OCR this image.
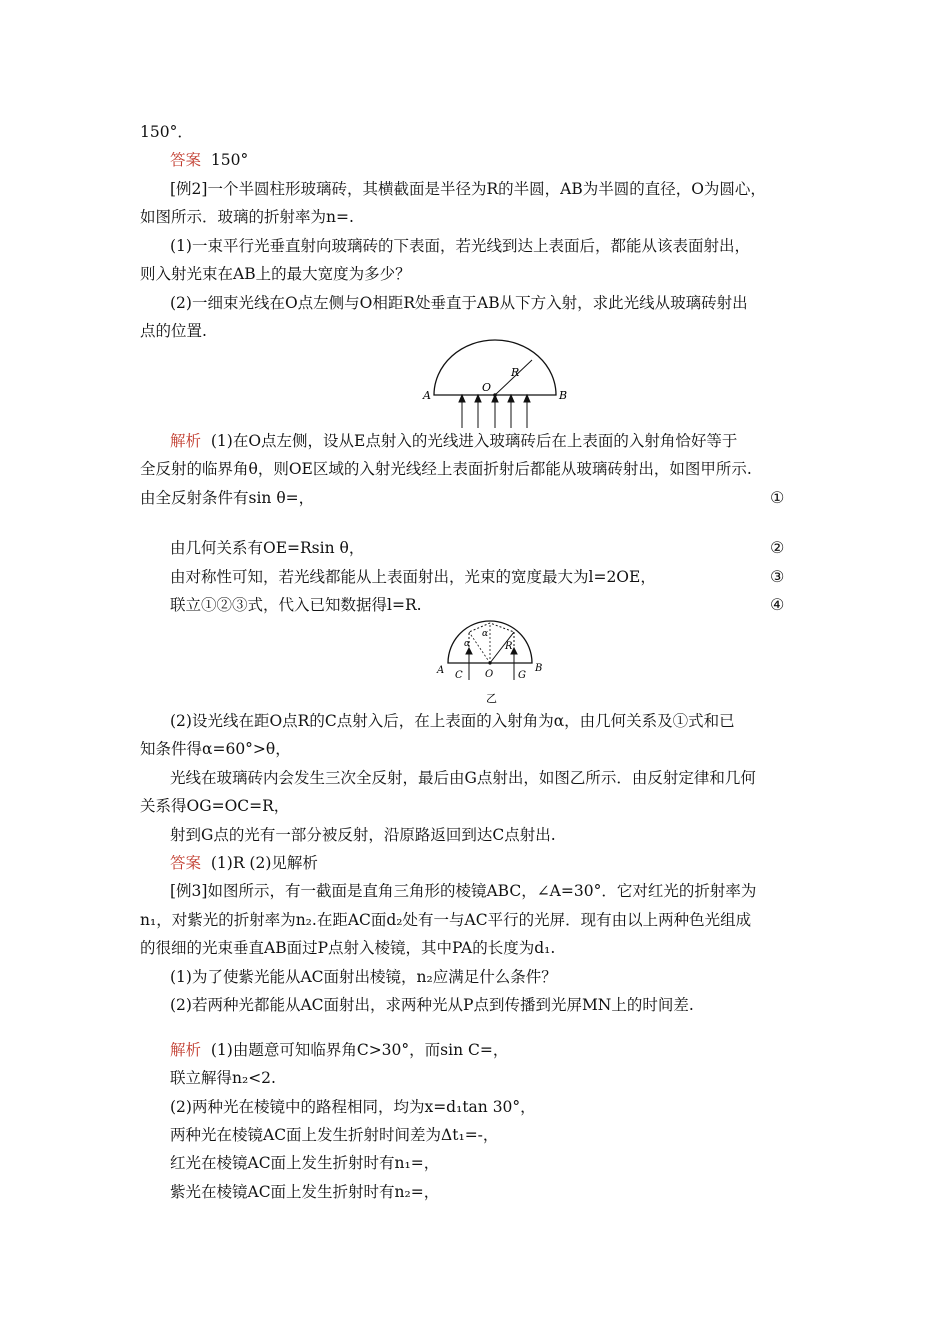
150°．
答案 150°
[例2]一个半圆柱形玻璃砖，其横截面是半径为R的半圆，AB为半圆的直径，O为圆心，
如图所示．玻璃的折射率为n=.
(1)一束平行光垂直射向玻璃砖的下表面，若光线到达上表面后，都能从该表面射出，
则入射光束在AB上的最大宽度为多少？
(2)一细束光线在O点左侧与O相距R处垂直于AB从下方入射，求此光线从玻璃砖射出
点的位置.
A	B
O
R
解析 (1)在O点左侧，设从E点射入的光线进入玻璃砖后在上表面的入射角恰好等于
全反射的临界角θ，则OE区域的入射光线经上表面折射后都能从玻璃砖射出，如图甲所示.
由全反射条件有sin θ=，	①
由几何关系有OE=Rsin θ，	②
由对称性可知，若光线都能从上表面射出，光束的宽度最大为l=2OE，	③
联立①②③式，代入已知数据得l=R.	④
A	B
C O G
R
α
α
乙
(2)设光线在距O点R的C点射入后，在上表面的入射角为α，由几何关系及①式和已
知条件得α=60°>θ，
光线在玻璃砖内会发生三次全反射，最后由G点射出，如图乙所示．由反射定律和几何
关系得OG=OC=R，
射到G点的光有一部分被反射，沿原路返回到达C点射出.
答案 (1)R (2)见解析
[例3]如图所示，有一截面是直角三角形的棱镜ABC，∠A=30°．它对红光的折射率为
n₁，对紫光的折射率为n₂.在距AC面d₂处有一与AC平行的光屏．现有由以上两种色光组成
的很细的光束垂直AB面过P点射入棱镜，其中PA的长度为d₁.
(1)为了使紫光能从AC面射出棱镜，n₂应满足什么条件？
(2)若两种光都能从AC面射出，求两种光从P点到传播到光屏MN上的时间差.
解析 (1)由题意可知临界角C>30°，而sin C=，
联立解得n₂<2.
(2)两种光在棱镜中的路程相同，均为x=d₁tan 30°，
两种光在棱镜AC面上发生折射时间差为Δt₁=-，
红光在棱镜AC面上发生折射时有n₁=，
紫光在棱镜AC面上发生折射时有n₂=，
